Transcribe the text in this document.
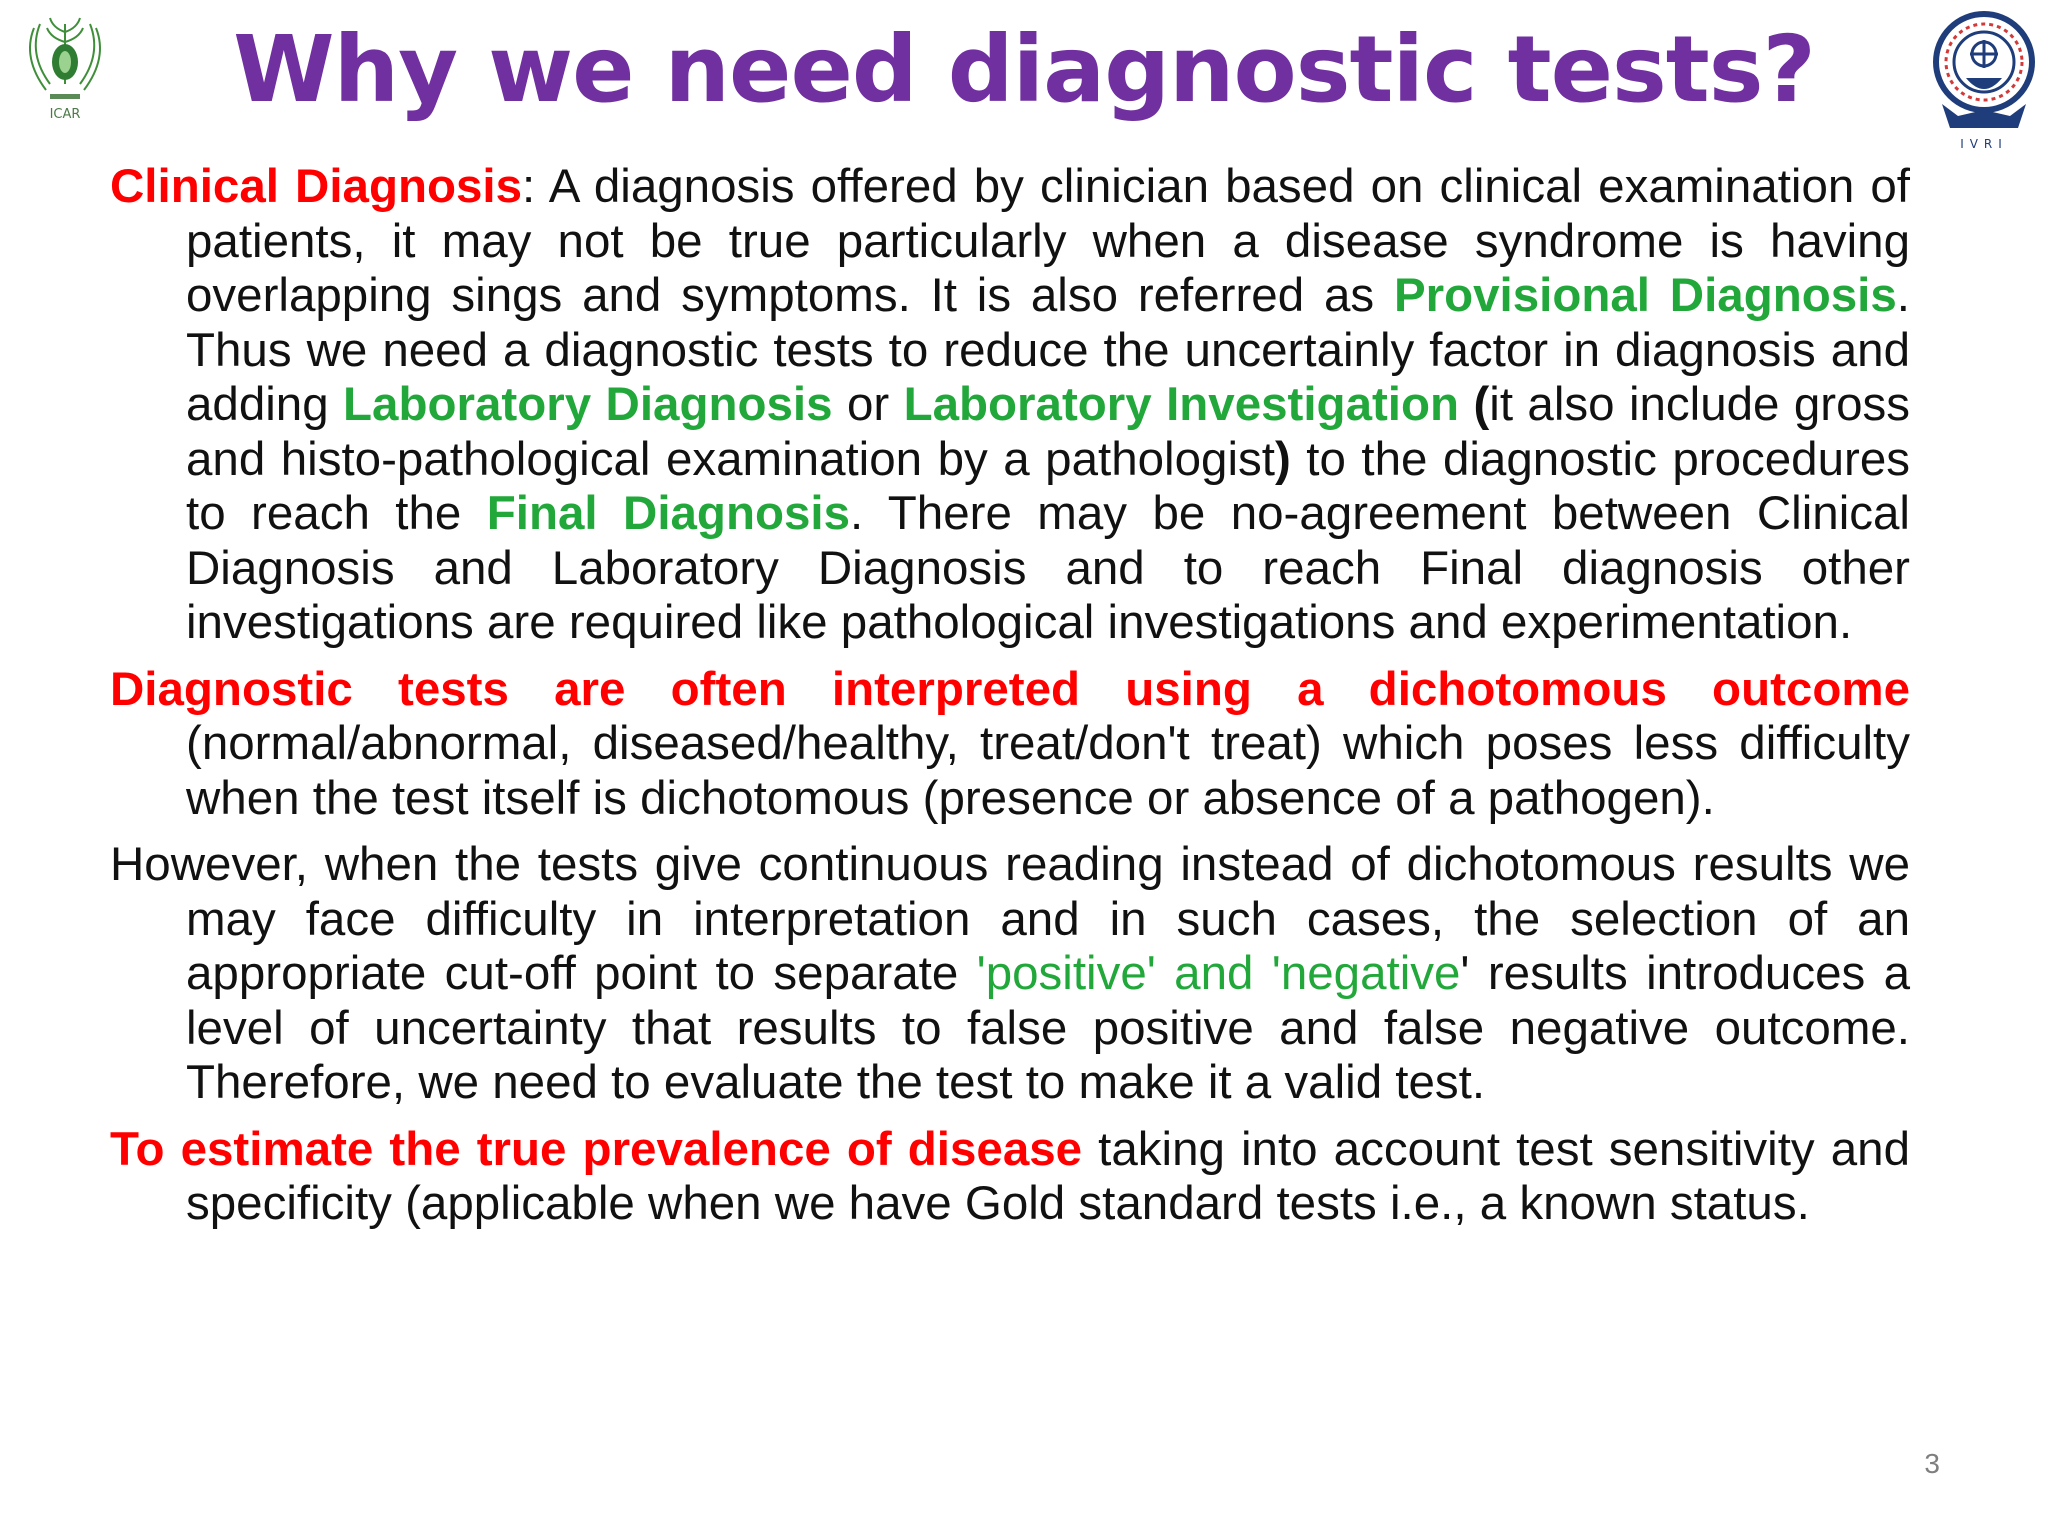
ICAR	Why we need diagnostic tests?
IVRI

Clinical Diagnosis: A diagnosis offered by clinician based on clinical examination of patients, it may not be true particularly when a disease syndrome is having overlapping sings and symptoms. It is also referred as Provisional Diagnosis. Thus we need a diagnostic tests to reduce the uncertainly factor in diagnosis and adding Laboratory Diagnosis or Laboratory Investigation (it also include gross and histo-pathological examination by a pathologist) to the diagnostic procedures to reach the Final Diagnosis. There may be no-agreement between Clinical Diagnosis and Laboratory Diagnosis and to reach Final diagnosis other investigations are required like pathological investigations and experimentation.

Diagnostic tests are often interpreted using a dichotomous outcome (normal/abnormal, diseased/healthy, treat/don't treat) which poses less difficulty when the test itself is dichotomous (presence or absence of a pathogen).

However, when the tests give continuous reading instead of dichotomous results we may face difficulty in interpretation and in such cases, the selection of an appropriate cut-off point to separate 'positive' and 'negative' results introduces a level of uncertainty that results to false positive and false negative outcome. Therefore, we need to evaluate the test to make it a valid test.

To estimate the true prevalence of disease taking into account test sensitivity and specificity (applicable when we have Gold standard tests i.e., a known status.

3
